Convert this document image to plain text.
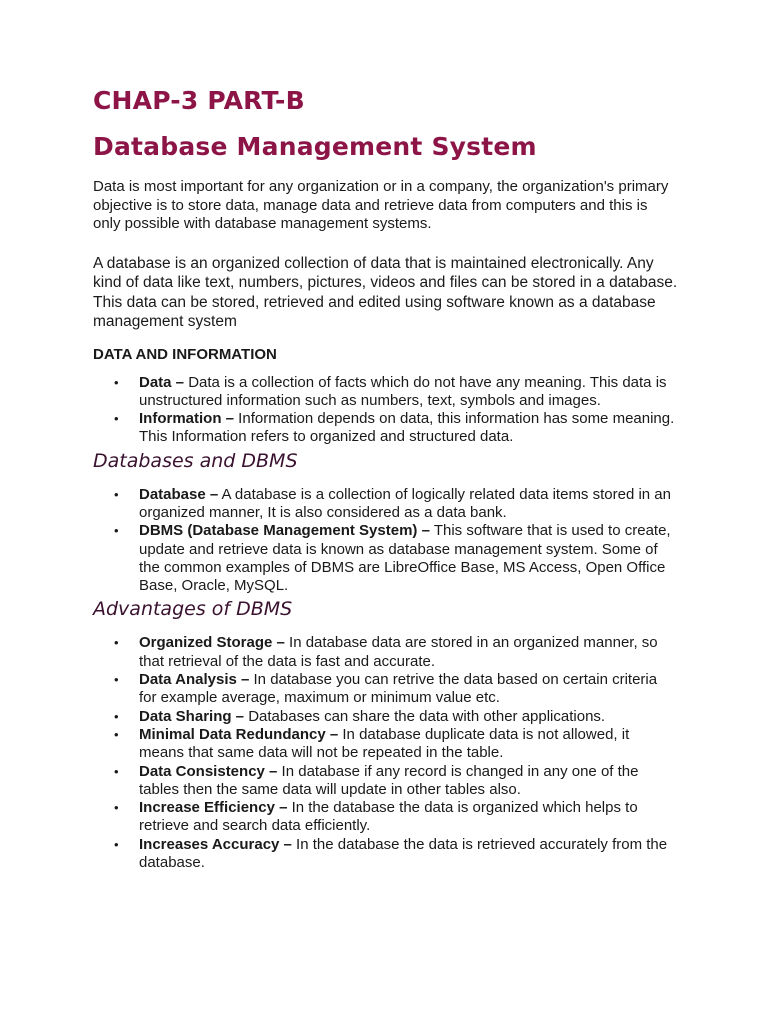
CHAP-3 PART-B
Database Management System

Data is most important for any organization or in a company, the organization's primary objective is to store data, manage data and retrieve data from computers and this is only possible with database management systems.

A database is an organized collection of data that is maintained electronically. Any kind of data like text, numbers, pictures, videos and files can be stored in a database. This data can be stored, retrieved and edited using software known as a database management system

DATA AND INFORMATION
• Data – Data is a collection of facts which do not have any meaning. This data is unstructured information such as numbers, text, symbols and images.
• Information – Information depends on data, this information has some meaning. This Information refers to organized and structured data.
Databases and DBMS
• Database – A database is a collection of logically related data items stored in an organized manner, It is also considered as a data bank.
• DBMS (Database Management System) – This software that is used to create, update and retrieve data is known as database management system. Some of the common examples of DBMS are LibreOffice Base, MS Access, Open Office Base, Oracle, MySQL.
Advantages of DBMS
• Organized Storage – In database data are stored in an organized manner, so that retrieval of the data is fast and accurate.
• Data Analysis – In database you can retrive the data based on certain criteria for example average, maximum or minimum value etc.
• Data Sharing – Databases can share the data with other applications.
• Minimal Data Redundancy – In database duplicate data is not allowed, it means that same data will not be repeated in the table.
• Data Consistency – In database if any record is changed in any one of the tables then the same data will update in other tables also.
• Increase Efficiency – In the database the data is organized which helps to retrieve and search data efficiently.
• Increases Accuracy – In the database the data is retrieved accurately from the database.
